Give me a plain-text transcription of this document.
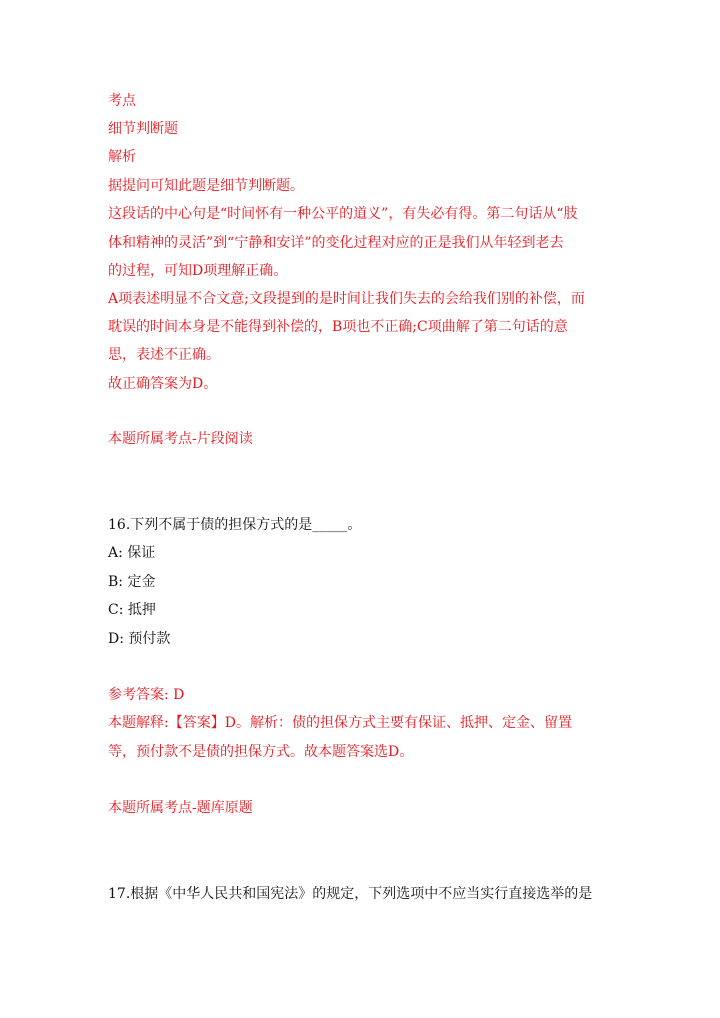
考点
细节判断题
解析
据提问可知此题是细节判断题。
这段话的中心句是“时间怀有一种公平的道义”，有失必有得。第二句话从“肢
体和精神的灵活”到“宁静和安详”的变化过程对应的正是我们从年轻到老去
的过程，可知D项理解正确。
A项表述明显不合文意;文段提到的是时间让我们失去的会给我们别的补偿，而
耽误的时间本身是不能得到补偿的，B项也不正确;C项曲解了第二句话的意
思，表述不正确。
故正确答案为D。
本题所属考点-片段阅读
16.下列不属于债的担保方式的是_____。
A: 保证
B: 定金
C: 抵押
D: 预付款
参考答案: D
本题解释:【答案】D。解析：债的担保方式主要有保证、抵押、定金、留置
等，预付款不是债的担保方式。故本题答案选D。
本题所属考点-题库原题
17.根据《中华人民共和国宪法》的规定，下列选项中不应当实行直接选举的是
